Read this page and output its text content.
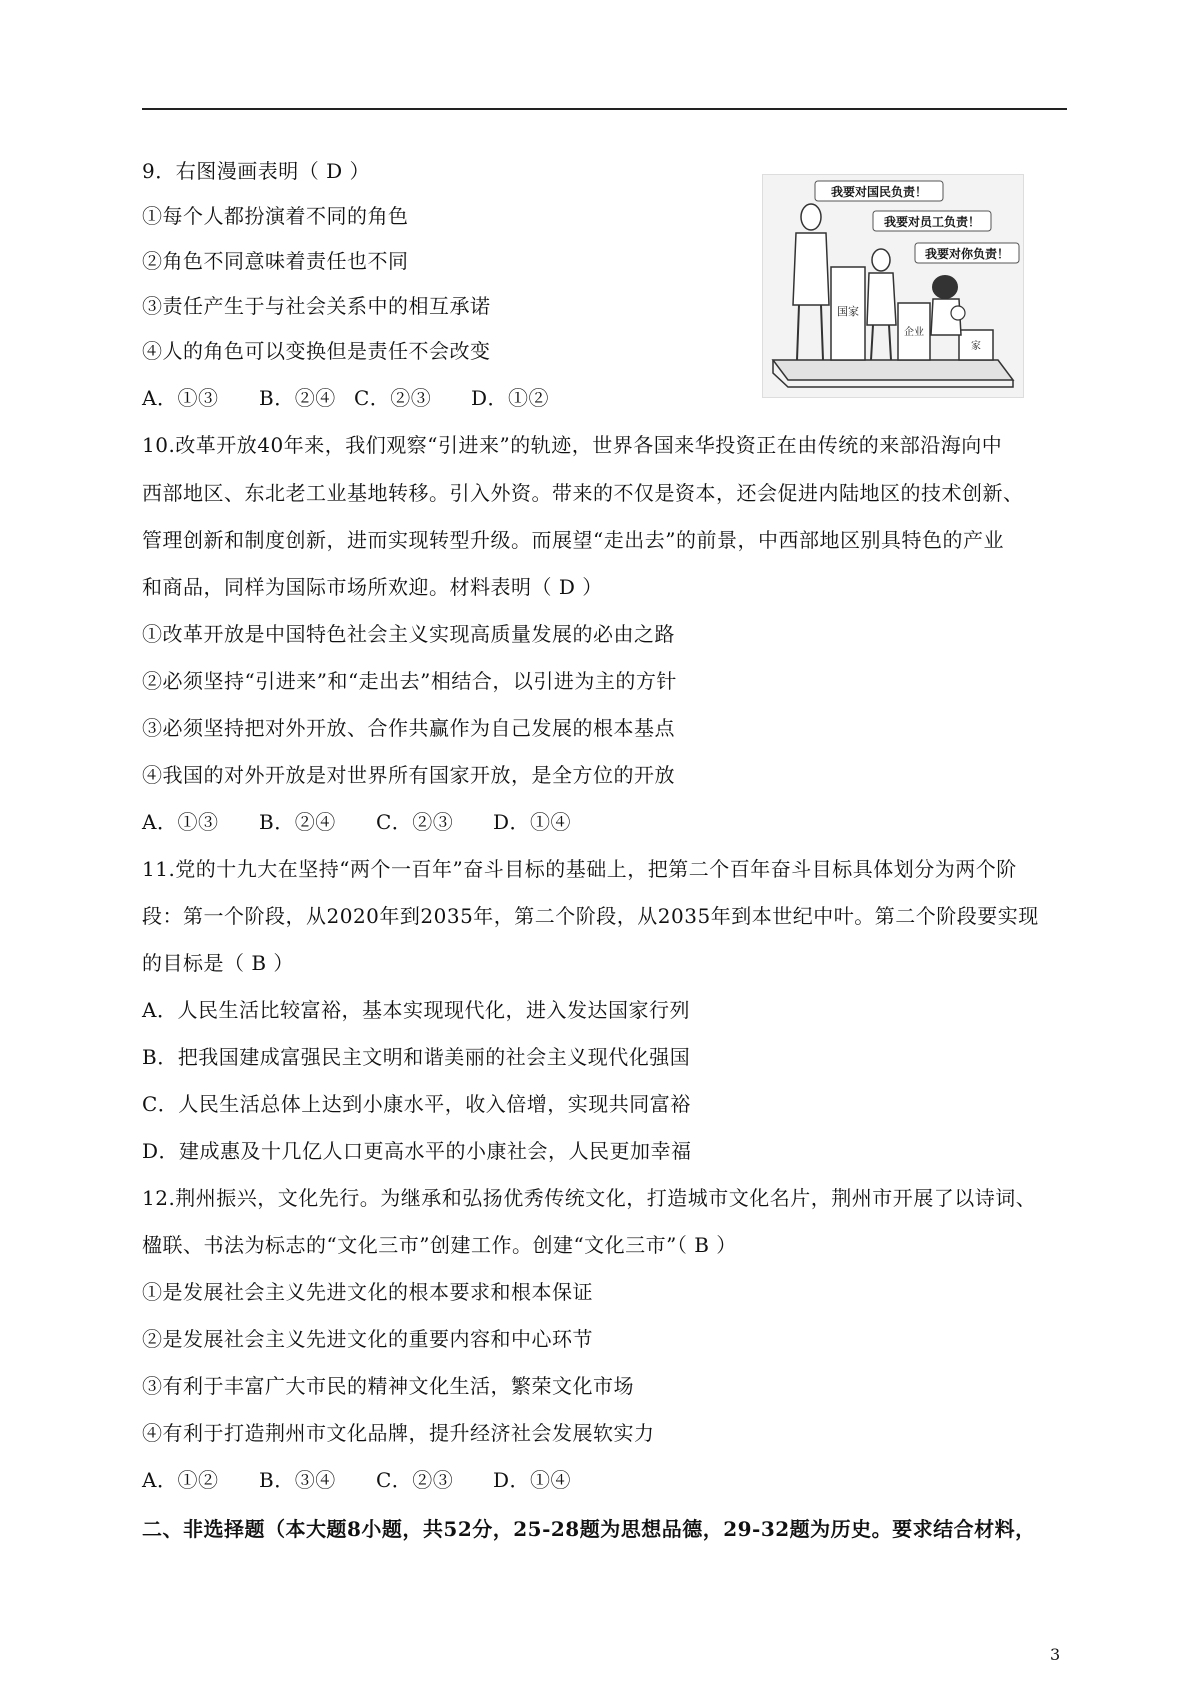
9．右图漫画表明（ D ）
①每个人都扮演着不同的角色
②角色不同意味着责任也不同
③责任产生于与社会关系中的相互承诺
④人的角色可以变换但是责任不会改变
A．①③ B．②④ C．②③ D．①②
国家
企业
家
我要对国民负责！
我要对员工负责！
我要对你负责！
10.改革开放40年来，我们观察“引进来”的轨迹，世界各国来华投资正在由传统的来部沿海向中
西部地区、东北老工业基地转移。引入外资。带来的不仅是资本，还会促进内陆地区的技术创新、
管理创新和制度创新，进而实现转型升级。而展望“走出去”的前景，中西部地区别具特色的产业
和商品，同样为国际市场所欢迎。材料表明（ D ）
①改革开放是中国特色社会主义实现高质量发展的必由之路
②必须坚持“引进来”和“走出去”相结合，以引进为主的方针
③必须坚持把对外开放、合作共赢作为自己发展的根本基点
④我国的对外开放是对世界所有国家开放，是全方位的开放
A．①③ B．②④ C．②③ D．①④
11.党的十九大在坚持“两个一百年”奋斗目标的基础上，把第二个百年奋斗目标具体划分为两个阶
段：第一个阶段，从2020年到2035年，第二个阶段，从2035年到本世纪中叶。第二个阶段要实现
的目标是（ B ）
A．人民生活比较富裕，基本实现现代化，进入发达国家行列
B．把我国建成富强民主文明和谐美丽的社会主义现代化强国
C．人民生活总体上达到小康水平，收入倍增，实现共同富裕
D．建成惠及十几亿人口更高水平的小康社会，人民更加幸福
12.荆州振兴，文化先行。为继承和弘扬优秀传统文化，打造城市文化名片，荆州市开展了以诗词、
楹联、书法为标志的“文化三市”创建工作。创建“文化三市”（ B ）
①是发展社会主义先进文化的根本要求和根本保证
②是发展社会主义先进文化的重要内容和中心环节
③有利于丰富广大市民的精神文化生活，繁荣文化市场
④有利于打造荆州市文化品牌，提升经济社会发展软实力
A．①② B．③④ C．②③ D．①④
二、非选择题（本大题8小题，共52分，25-28题为思想品德，29-32题为历史。要求结合材料，
3
